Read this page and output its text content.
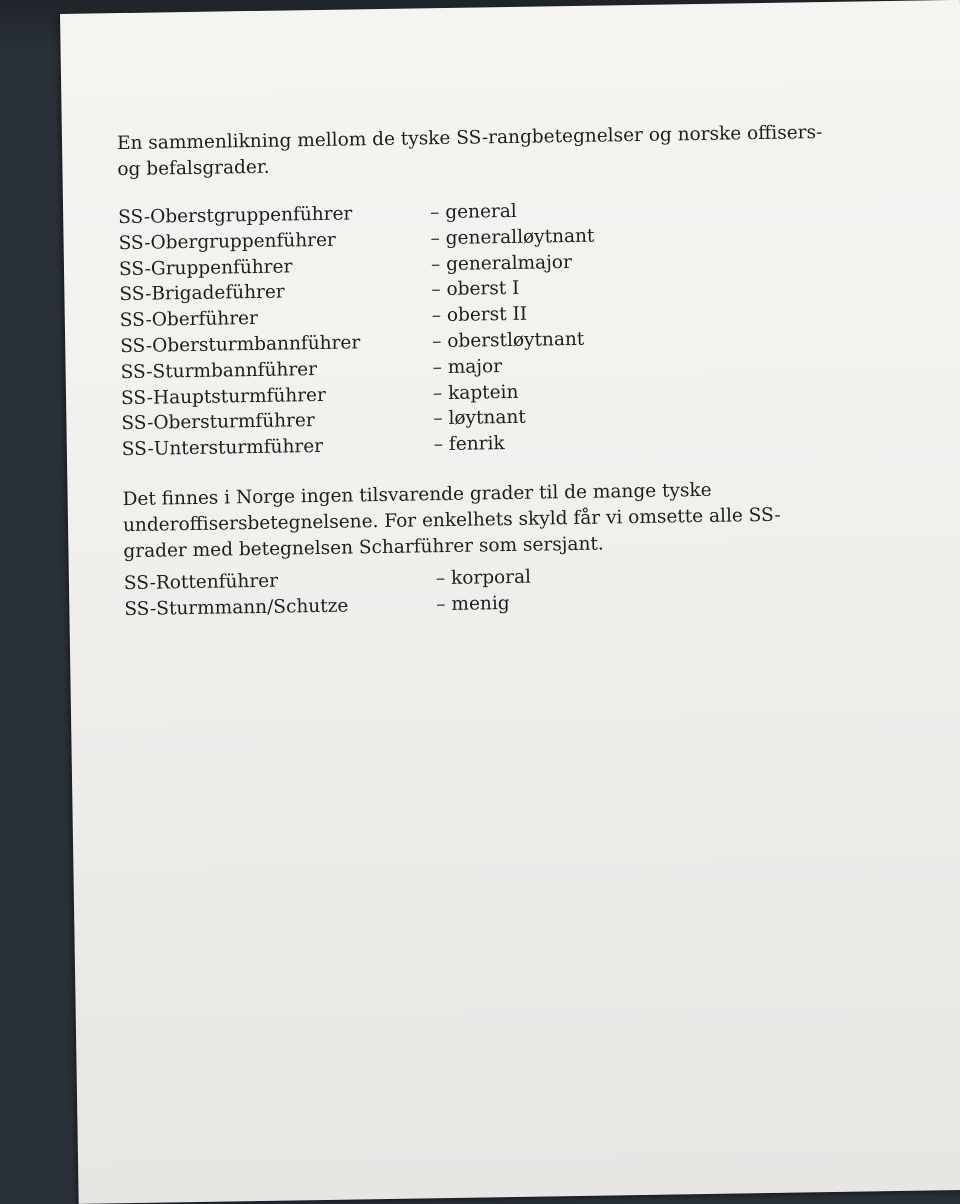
En sammenlikning mellom de tyske SS-rangbetegnelser og norske offisers- og befalsgrader.

SS-Oberstgruppenführer	– general
SS-Obergruppenführer	– generalløytnant
SS-Gruppenführer	– generalmajor
SS-Brigadeführer	– oberst I
SS-Oberführer	– oberst II
SS-Obersturmbannführer	– oberstløytnant
SS-Sturmbannführer	– major
SS-Hauptsturmführer	– kaptein
SS-Obersturmführer	– løytnant
SS-Untersturmführer	– fenrik

Det finnes i Norge ingen tilsvarende grader til de mange tyske underoffisersbetegnelsene. For enkelhets skyld får vi omsette alle SS-grader med betegnelsen Scharführer som sersjant.

SS-Rottenführer	– korporal
SS-Sturmmann/Schutze	– menig
